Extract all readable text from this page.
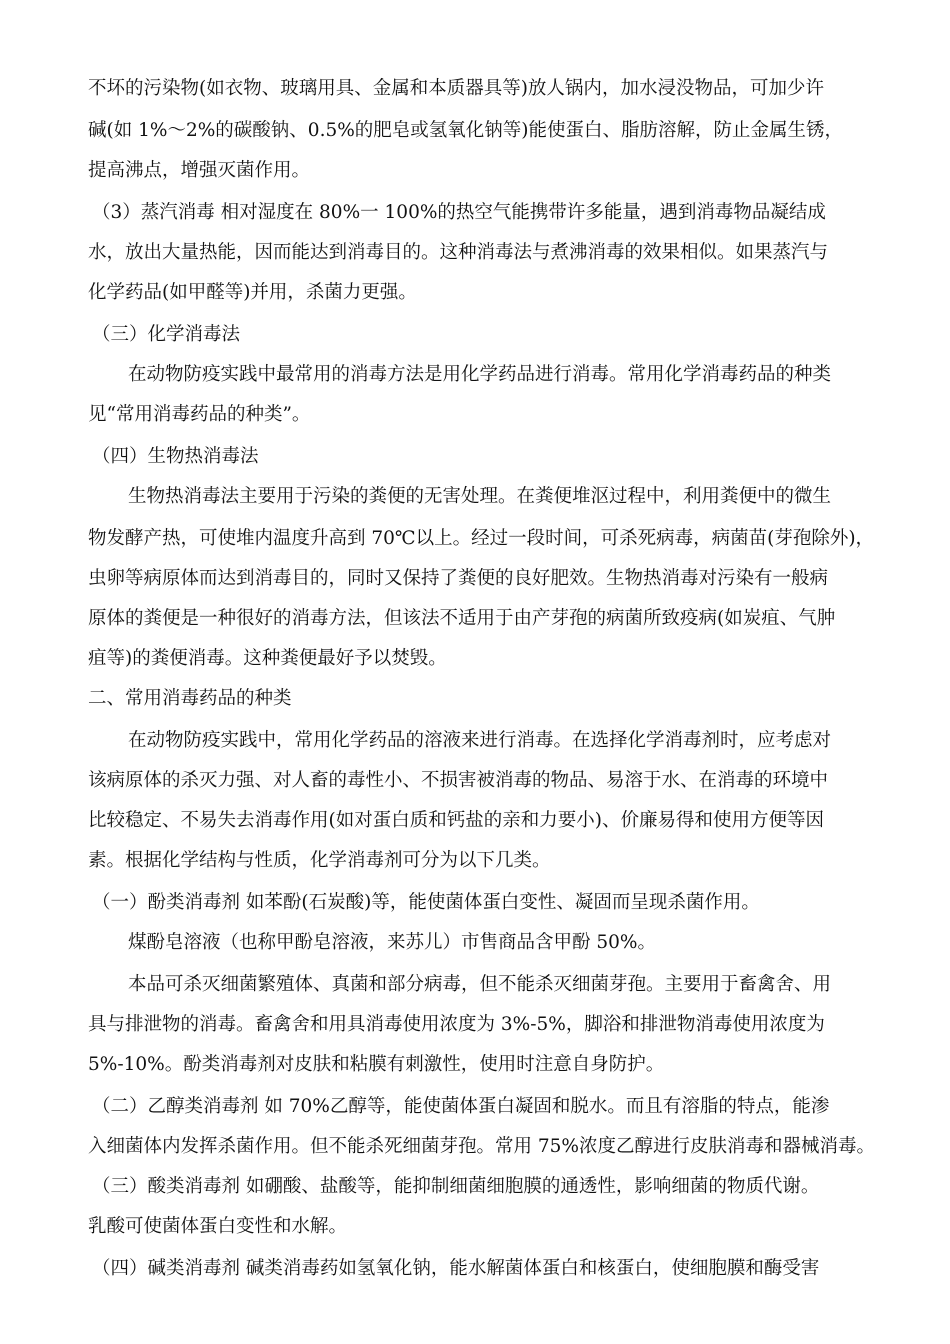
不坏的污染物(如衣物、玻璃用具、金属和本质器具等)放人锅内，加水浸没物品，可加少许
碱(如 1%～2%的碳酸钠、0.5%的肥皂或氢氧化钠等)能使蛋白、脂肪溶解，防止金属生锈，
提高沸点，增强灭菌作用。
（3）蒸汽消毒 相对湿度在 80%一 100%的热空气能携带许多能量，遇到消毒物品凝结成
水，放出大量热能，因而能达到消毒目的。这种消毒法与煮沸消毒的效果相似。如果蒸汽与
化学药品(如甲醛等)并用，杀菌力更强。
（三）化学消毒法
在动物防疫实践中最常用的消毒方法是用化学药品进行消毒。常用化学消毒药品的种类
见“常用消毒药品的种类”。
（四）生物热消毒法
生物热消毒法主要用于污染的粪便的无害处理。在粪便堆沤过程中，利用粪便中的微生
物发酵产热，可使堆内温度升高到 70℃以上。经过一段时间，可杀死病毒，病菌苗(芽孢除外)，
虫卵等病原体而达到消毒目的，同时又保持了粪便的良好肥效。生物热消毒对污染有一般病
原体的粪便是一种很好的消毒方法，但该法不适用于由产芽孢的病菌所致疫病(如炭疽、气肿
疽等)的粪便消毒。这种粪便最好予以焚毁。
二、常用消毒药品的种类
在动物防疫实践中，常用化学药品的溶液来进行消毒。在选择化学消毒剂时，应考虑对
该病原体的杀灭力强、对人畜的毒性小、不损害被消毒的物品、易溶于水、在消毒的环境中
比较稳定、不易失去消毒作用(如对蛋白质和钙盐的亲和力要小)、价廉易得和使用方便等因
素。根据化学结构与性质，化学消毒剂可分为以下几类。
（一）酚类消毒剂 如苯酚(石炭酸)等，能使菌体蛋白变性、凝固而呈现杀菌作用。
煤酚皂溶液（也称甲酚皂溶液，来苏儿）市售商品含甲酚 50%。
本品可杀灭细菌繁殖体、真菌和部分病毒，但不能杀灭细菌芽孢。主要用于畜禽舍、用
具与排泄物的消毒。畜禽舍和用具消毒使用浓度为 3%-5%，脚浴和排泄物消毒使用浓度为
5%-10%。酚类消毒剂对皮肤和粘膜有刺激性，使用时注意自身防护。
（二）乙醇类消毒剂 如 70%乙醇等，能使菌体蛋白凝固和脱水。而且有溶脂的特点，能渗
入细菌体内发挥杀菌作用。但不能杀死细菌芽孢。常用 75%浓度乙醇进行皮肤消毒和器械消毒。
（三）酸类消毒剂 如硼酸、盐酸等，能抑制细菌细胞膜的通透性，影响细菌的物质代谢。
乳酸可使菌体蛋白变性和水解。
（四）碱类消毒剂 碱类消毒药如氢氧化钠，能水解菌体蛋白和核蛋白，使细胞膜和酶受害
